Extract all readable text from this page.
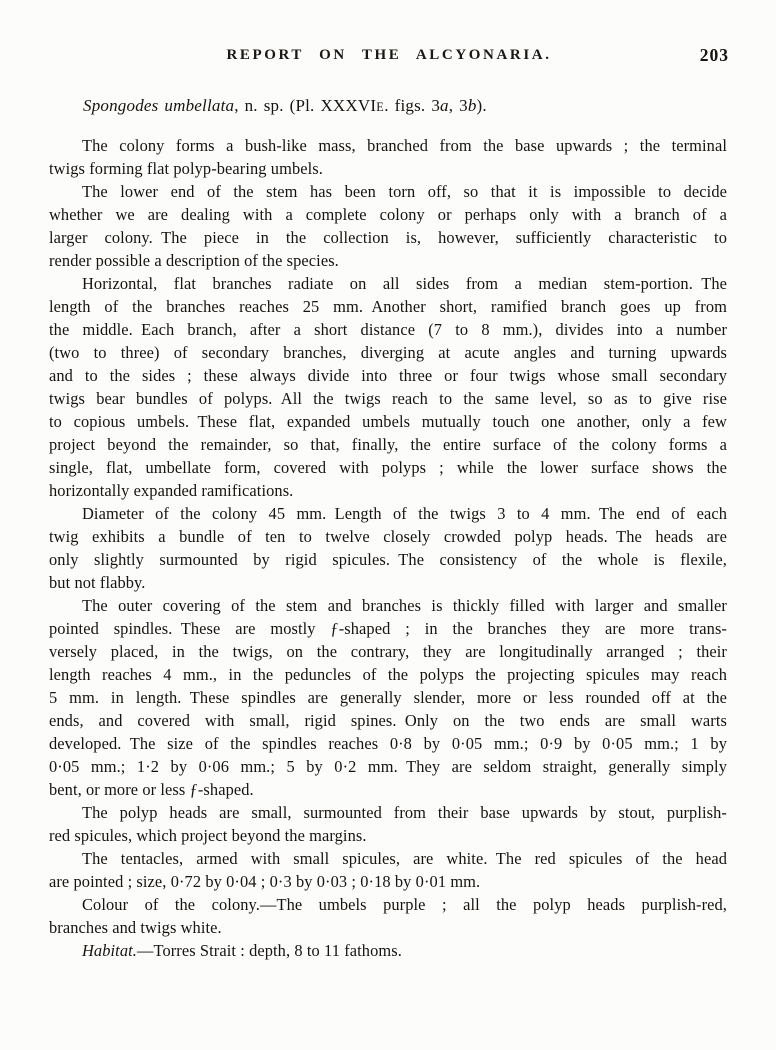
REPORT ON THE ALCYONARIA.	203
Spongodes umbellata, n. sp. (Pl. XXXVIE. figs. 3a, 3b).
The colony forms a bush-like mass, branched from the base upwards ; the terminal
twigs forming flat polyp-bearing umbels.
The lower end of the stem has been torn off, so that it is impossible to decide
whether we are dealing with a complete colony or perhaps only with a branch of a
larger colony. The piece in the collection is, however, sufficiently characteristic to
render possible a description of the species.
Horizontal, flat branches radiate on all sides from a median stem-portion. The
length of the branches reaches 25 mm. Another short, ramified branch goes up from
the middle. Each branch, after a short distance (7 to 8 mm.), divides into a number
(two to three) of secondary branches, diverging at acute angles and turning upwards
and to the sides ; these always divide into three or four twigs whose small secondary
twigs bear bundles of polyps. All the twigs reach to the same level, so as to give rise
to copious umbels. These flat, expanded umbels mutually touch one another, only a few
project beyond the remainder, so that, finally, the entire surface of the colony forms a
single, flat, umbellate form, covered with polyps ; while the lower surface shows the
horizontally expanded ramifications.
Diameter of the colony 45 mm. Length of the twigs 3 to 4 mm. The end of each
twig exhibits a bundle of ten to twelve closely crowded polyp heads. The heads are
only slightly surmounted by rigid spicules. The consistency of the whole is flexile,
but not flabby.
The outer covering of the stem and branches is thickly filled with larger and smaller
pointed spindles. These are mostly ƒ-shaped ; in the branches they are more trans-
versely placed, in the twigs, on the contrary, they are longitudinally arranged ; their
length reaches 4 mm., in the peduncles of the polyps the projecting spicules may reach
5 mm. in length. These spindles are generally slender, more or less rounded off at the
ends, and covered with small, rigid spines. Only on the two ends are small warts
developed. The size of the spindles reaches 0·8 by 0·05 mm.; 0·9 by 0·05 mm.; 1 by
0·05 mm.; 1·2 by 0·06 mm.; 5 by 0·2 mm. They are seldom straight, generally simply
bent, or more or less ƒ-shaped.
The polyp heads are small, surmounted from their base upwards by stout, purplish-
red spicules, which project beyond the margins.
The tentacles, armed with small spicules, are white. The red spicules of the head
are pointed ; size, 0·72 by 0·04 ; 0·3 by 0·03 ; 0·18 by 0·01 mm.
Colour of the colony.—The umbels purple ; all the polyp heads purplish-red,
branches and twigs white.
Habitat.—Torres Strait : depth, 8 to 11 fathoms.
